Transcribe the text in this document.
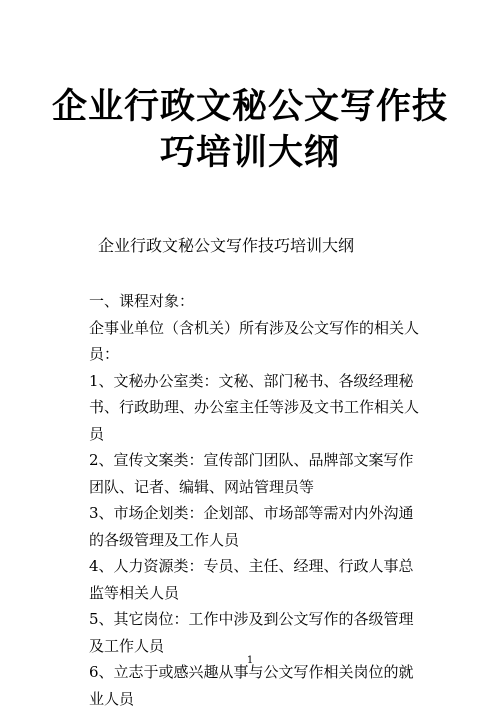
企业行政文秘公文写作技
巧培训大纲
企业行政文秘公文写作技巧培训大纲

一、课程对象：

企事业单位（含机关）所有涉及公文写作的相关人 员：

1、文秘办公室类：文秘、部门秘书、各级经理秘书、行政助理、办公室主任等涉及文书工作相关人员

2、宣传文案类：宣传部门团队、品牌部文案写作团队、记者、编辑、网站管理员等

3、市场企划类：企划部、市场部等需对内外沟通的各级管理及工作人员

4、人力资源类：专员、主任、经理、行政人事总监等相关人员

5、其它岗位：工作中涉及到公文写作的各级管理及工作人员

6、立志于或感兴趣从事与公文写作相关岗位的就业人员

1
